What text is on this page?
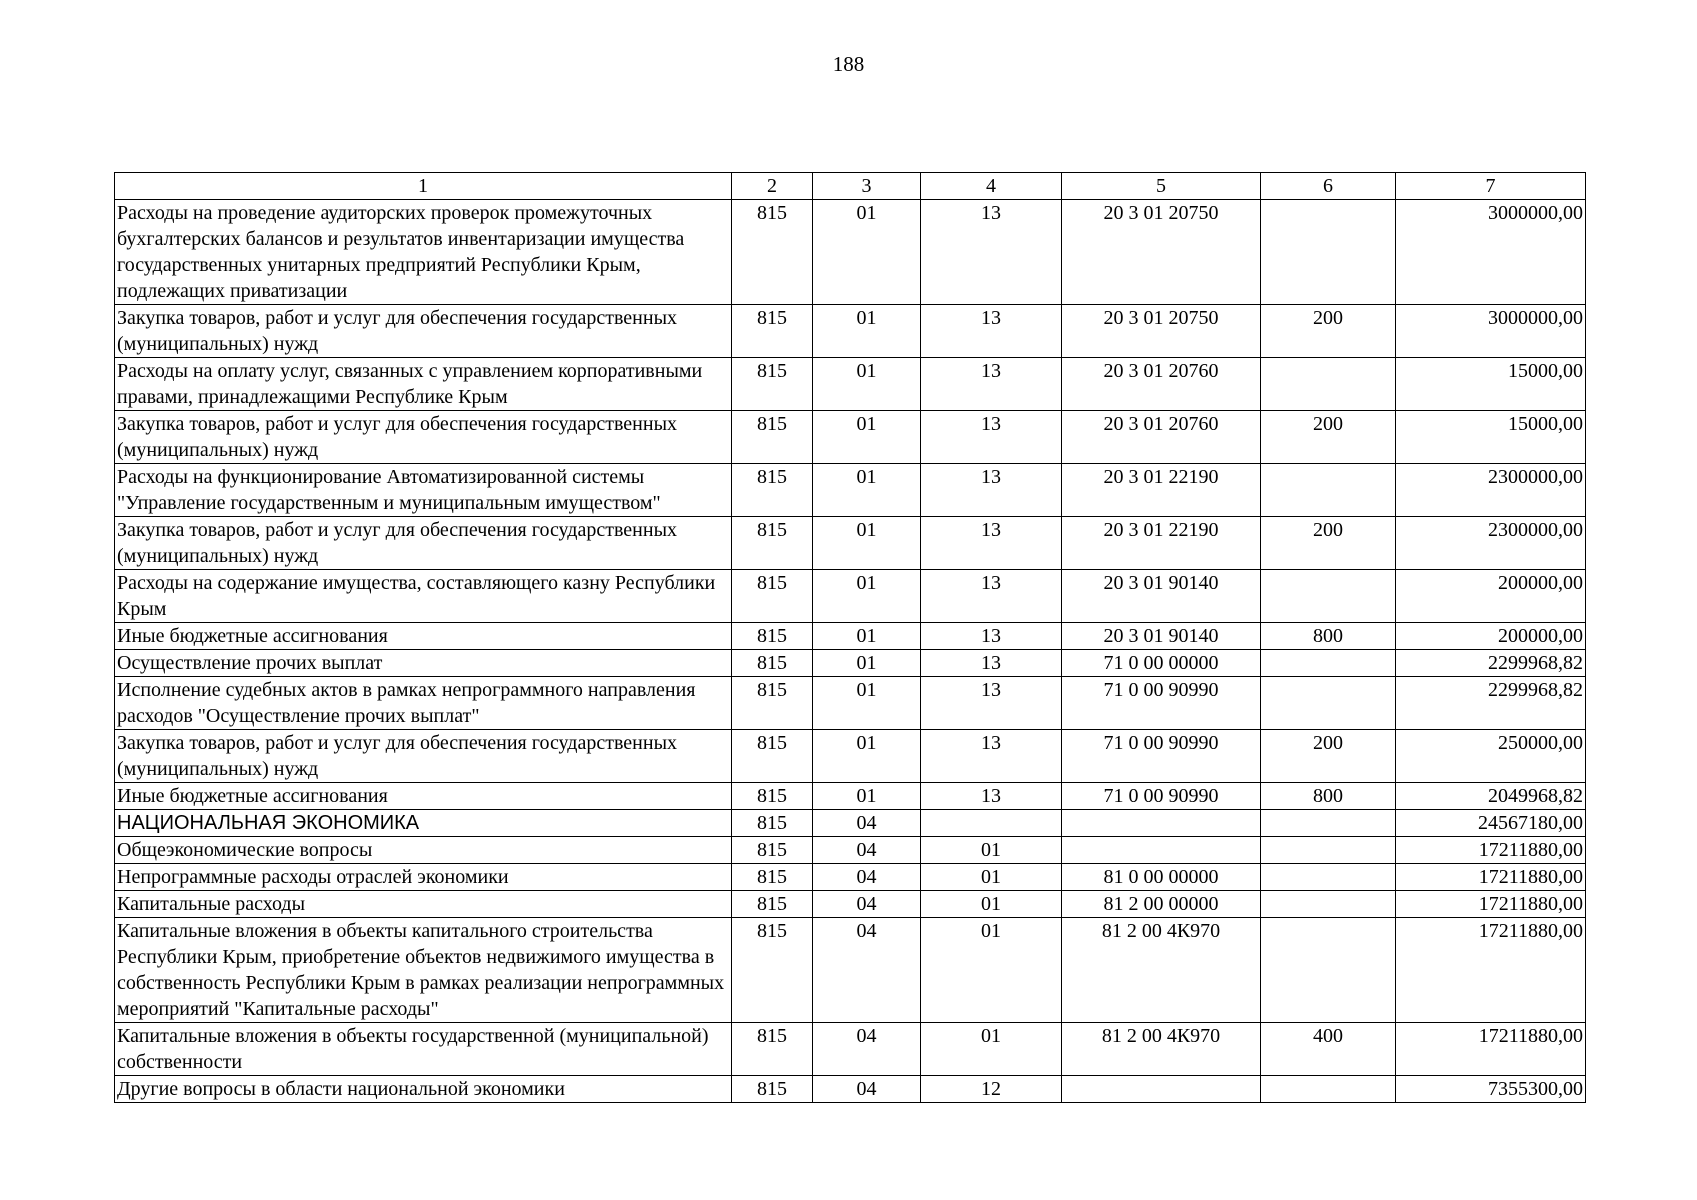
188
1	2	3	4	5	6	7
Расходы на проведение аудиторских проверок промежуточных бухгалтерских балансов и результатов инвентаризации имущества государственных унитарных предприятий Республики Крым, подлежащих приватизации	815	01	13	20 3 01 20750		3000000,00
Закупка товаров, работ и услуг для обеспечения государственных (муниципальных) нужд	815	01	13	20 3 01 20750	200	3000000,00
Расходы на оплату услуг, связанных с управлением корпоративными правами, принадлежащими Республике Крым	815	01	13	20 3 01 20760		15000,00
Закупка товаров, работ и услуг для обеспечения государственных (муниципальных) нужд	815	01	13	20 3 01 20760	200	15000,00
Расходы на функционирование Автоматизированной системы "Управление государственным и муниципальным имуществом"	815	01	13	20 3 01 22190		2300000,00
Закупка товаров, работ и услуг для обеспечения государственных (муниципальных) нужд	815	01	13	20 3 01 22190	200	2300000,00
Расходы на содержание имущества, составляющего казну Республики Крым	815	01	13	20 3 01 90140		200000,00
Иные бюджетные ассигнования	815	01	13	20 3 01 90140	800	200000,00
Осуществление прочих выплат	815	01	13	71 0 00 00000		2299968,82
Исполнение судебных актов в рамках непрограммного направления расходов "Осуществление прочих выплат"	815	01	13	71 0 00 90990		2299968,82
Закупка товаров, работ и услуг для обеспечения государственных (муниципальных) нужд	815	01	13	71 0 00 90990	200	250000,00
Иные бюджетные ассигнования	815	01	13	71 0 00 90990	800	2049968,82
НАЦИОНАЛЬНАЯ ЭКОНОМИКА	815	04				24567180,00
Общеэкономические вопросы	815	04	01			17211880,00
Непрограммные расходы отраслей экономики	815	04	01	81 0 00 00000		17211880,00
Капитальные расходы	815	04	01	81 2 00 00000		17211880,00
Капитальные вложения в объекты капитального строительства Республики Крым, приобретение объектов недвижимого имущества в собственность Республики Крым в рамках реализации непрограммных мероприятий "Капитальные расходы"	815	04	01	81 2 00 4К970		17211880,00
Капитальные вложения в объекты государственной (муниципальной) собственности	815	04	01	81 2 00 4К970	400	17211880,00
Другие вопросы в области национальной экономики	815	04	12			7355300,00
